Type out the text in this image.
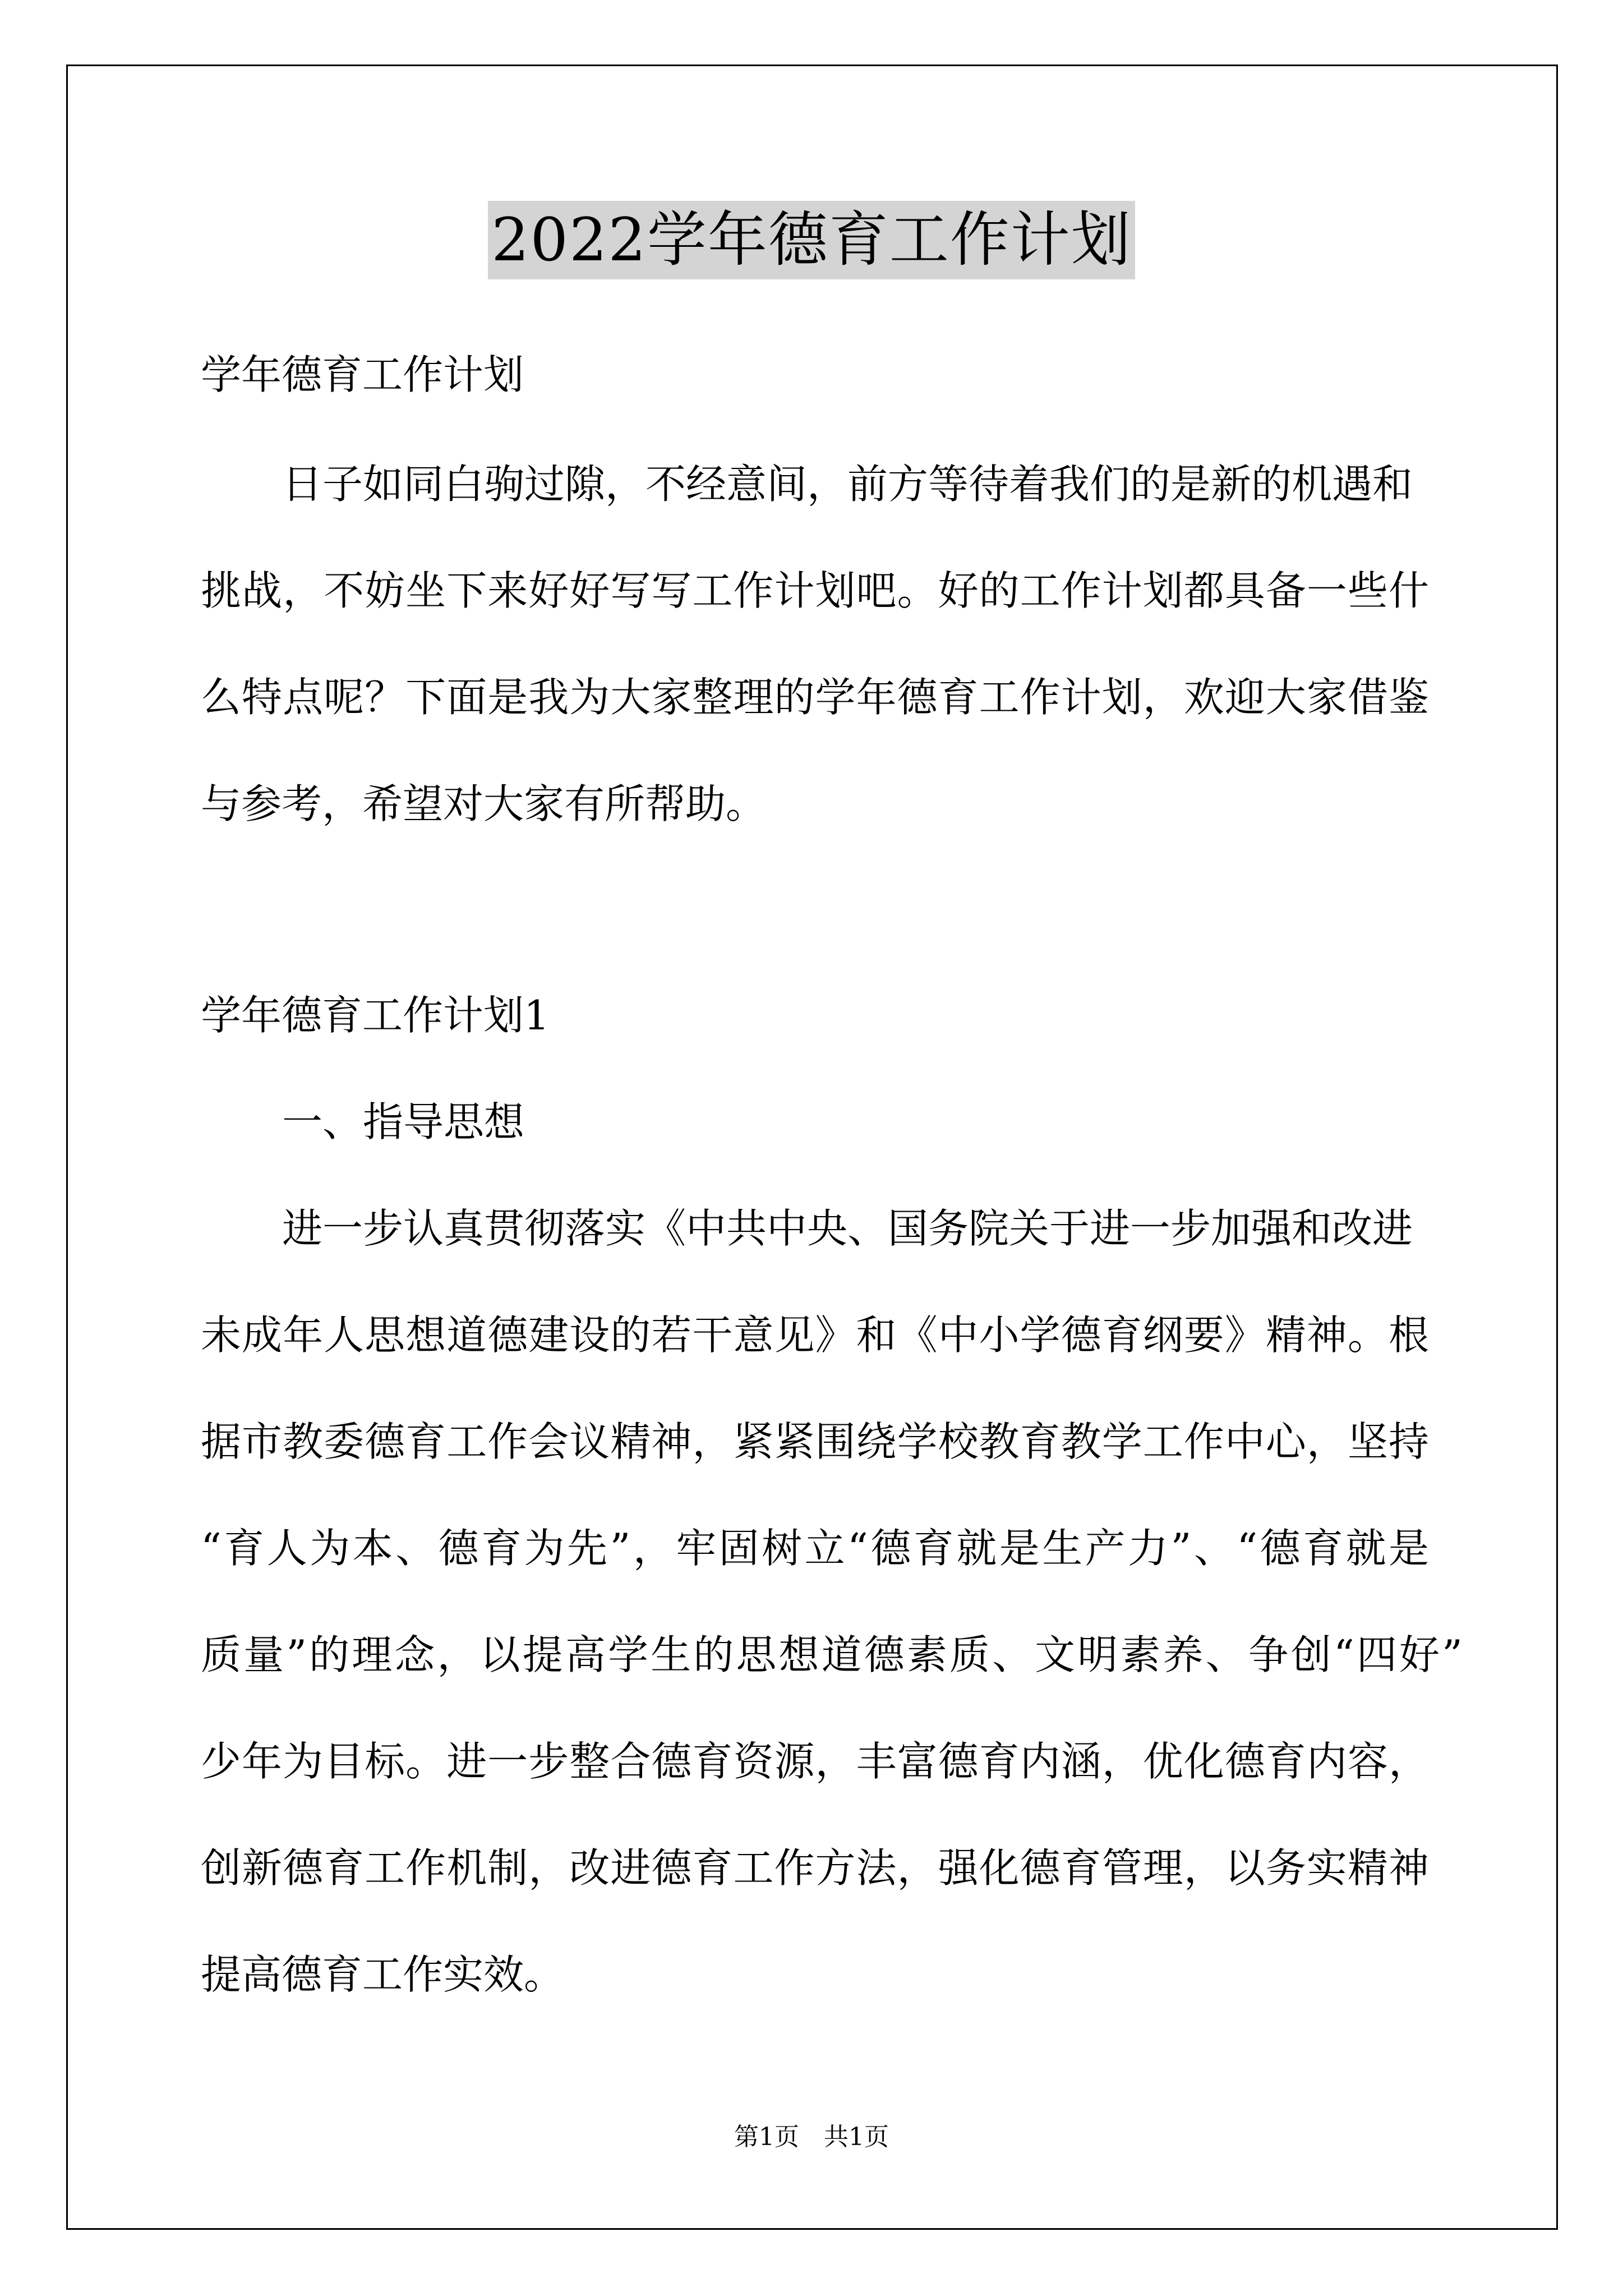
2022学年德育工作计划
学年德育工作计划
日子如同白驹过隙，不经意间，前方等待着我们的是新的机遇和
挑战，不妨坐下来好好写写工作计划吧。好的工作计划都具备一些什
么特点呢？下面是我为大家整理的学年德育工作计划，欢迎大家借鉴
与参考，希望对大家有所帮助。
学年德育工作计划1
一、指导思想
进一步认真贯彻落实《中共中央、国务院关于进一步加强和改进
未成年人思想道德建设的若干意见》和《中小学德育纲要》精神。根
据市教委德育工作会议精神，紧紧围绕学校教育教学工作中心，坚持
“育人为本、德育为先”，牢固树立“德育就是生产力”、“德育就是
质量”的理念，以提高学生的思想道德素质、文明素养、争创“四好”
少年为目标。进一步整合德育资源，丰富德育内涵，优化德育内容，
创新德育工作机制，改进德育工作方法，强化德育管理，以务实精神
提高德育工作实效。
第1页　共1页
